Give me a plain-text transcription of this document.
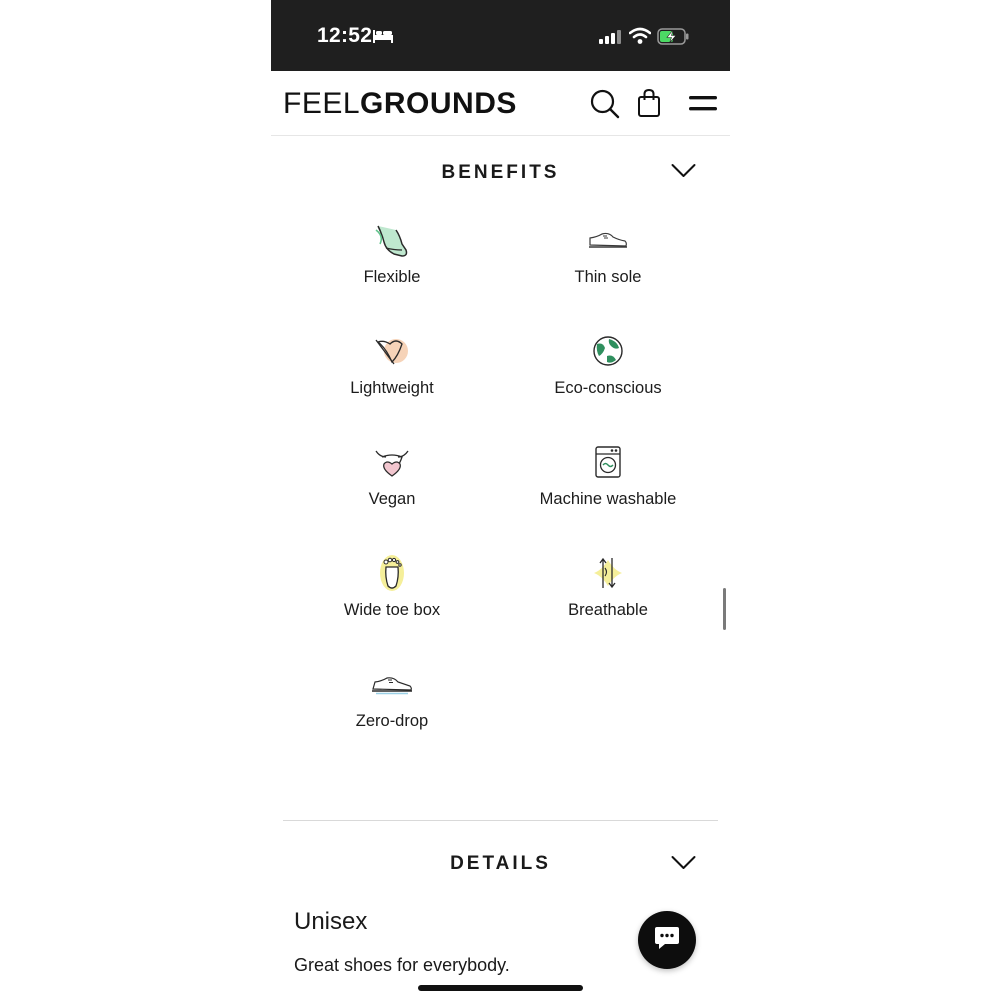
12:52
FEELGROUNDS
BENEFITS
Flexible	Thin sole
Lightweight	Eco-conscious
Vegan	Machine washable
Wide toe box	Breathable
Zero-drop
DETAILS
Unisex
Great shoes for everybody.
